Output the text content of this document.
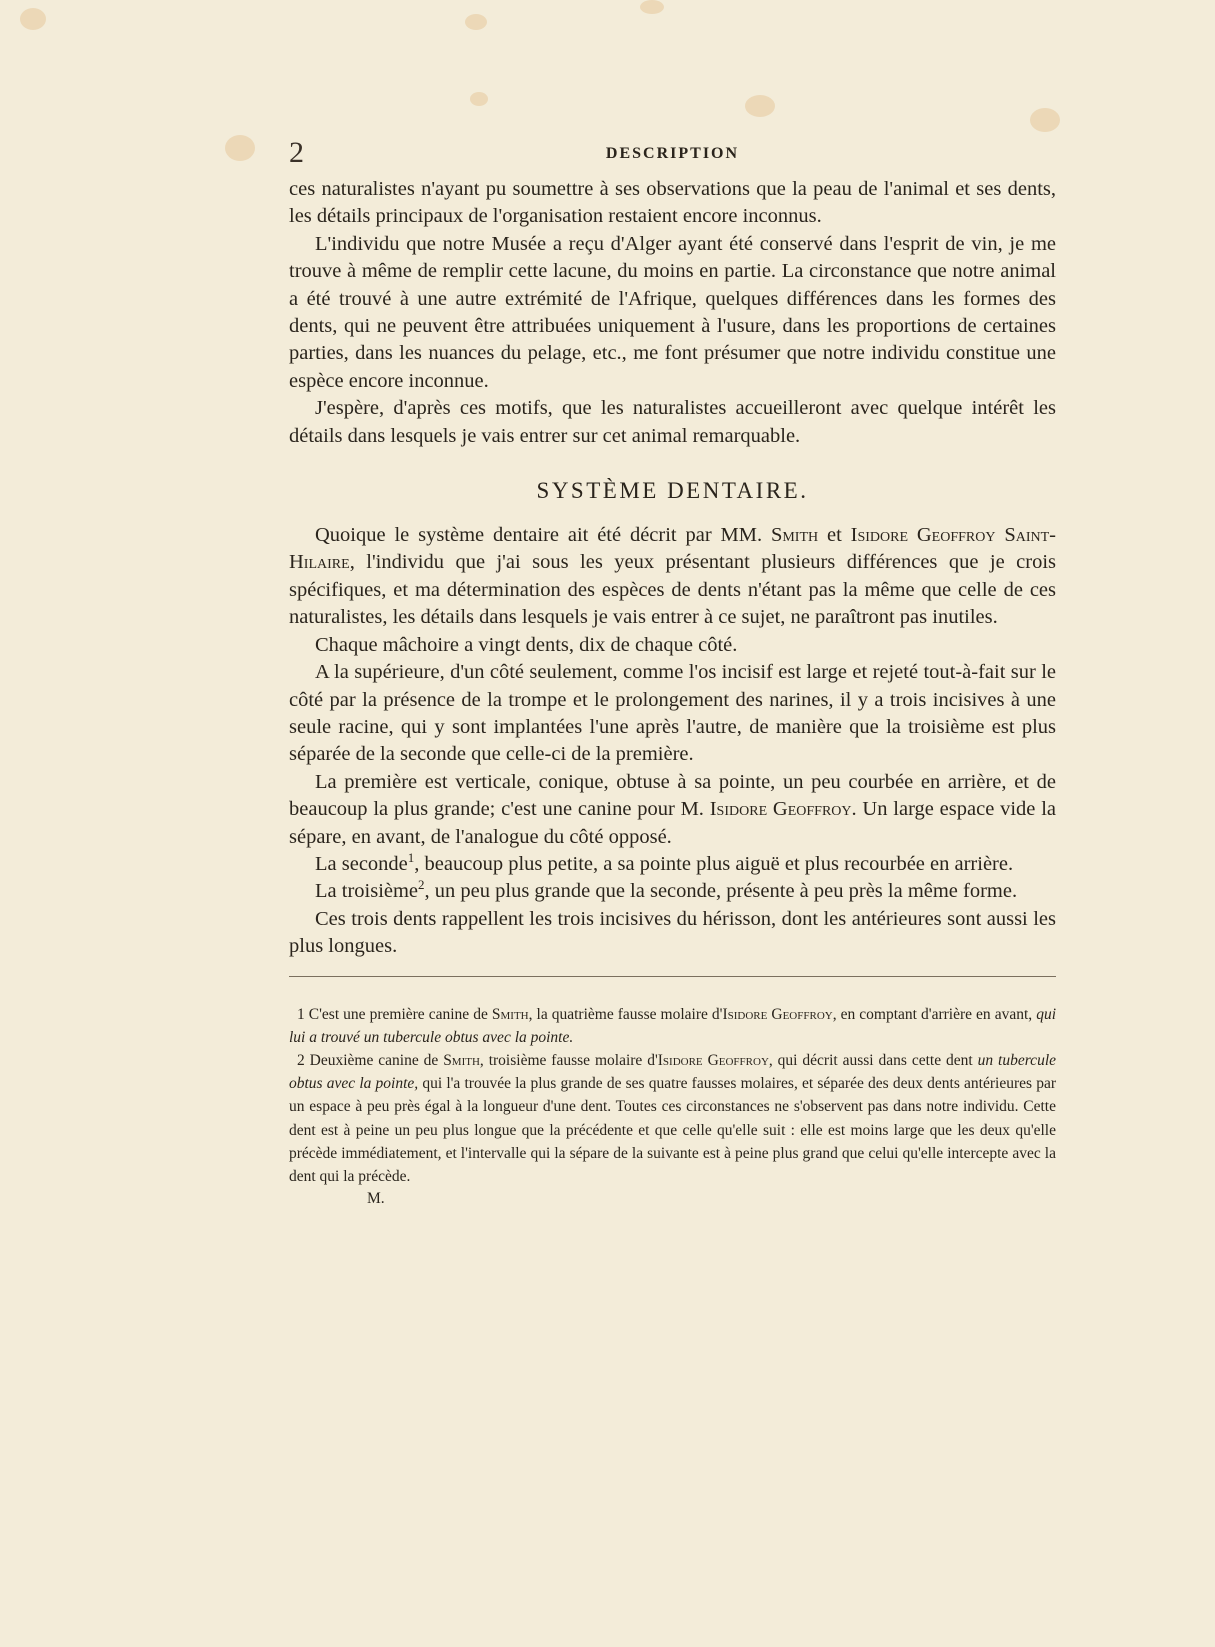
2	DESCRIPTION

ces naturalistes n'ayant pu soumettre à ses observations que la peau de l'animal et ses dents, les détails principaux de l'organisation restaient encore inconnus.

L'individu que notre Musée a reçu d'Alger ayant été conservé dans l'esprit de vin, je me trouve à même de remplir cette lacune, du moins en partie. La circonstance que notre animal a été trouvé à une autre extrémité de l'Afrique, quelques différences dans les formes des dents, qui ne peuvent être attribuées uniquement à l'usure, dans les proportions de certaines parties, dans les nuances du pelage, etc., me font présumer que notre individu constitue une espèce encore inconnue.

J'espère, d'après ces motifs, que les naturalistes accueilleront avec quelque intérêt les détails dans lesquels je vais entrer sur cet animal remarquable.

SYSTÈME DENTAIRE.

Quoique le système dentaire ait été décrit par MM. Smith et Isidore Geoffroy Saint-Hilaire, l'individu que j'ai sous les yeux présentant plusieurs différences que je crois spécifiques, et ma détermination des espèces de dents n'étant pas la même que celle de ces naturalistes, les détails dans lesquels je vais entrer à ce sujet, ne paraîtront pas inutiles.

Chaque mâchoire a vingt dents, dix de chaque côté.

A la supérieure, d'un côté seulement, comme l'os incisif est large et rejeté tout-à-fait sur le côté par la présence de la trompe et le prolongement des narines, il y a trois incisives à une seule racine, qui y sont implantées l'une après l'autre, de manière que la troisième est plus séparée de la seconde que celle-ci de la première.

La première est verticale, conique, obtuse à sa pointe, un peu courbée en arrière, et de beaucoup la plus grande; c'est une canine pour M. Isidore Geoffroy. Un large espace vide la sépare, en avant, de l'analogue du côté opposé.

La seconde$^1$, beaucoup plus petite, a sa pointe plus aiguë et plus recourbée en arrière.

La troisième$^2$, un peu plus grande que la seconde, présente à peu près la même forme.

Ces trois dents rappellent les trois incisives du hérisson, dont les antérieures sont aussi les plus longues.

1 C'est une première canine de Smith, la quatrième fausse molaire d'Isidore Geoffroy, en comptant d'arrière en avant, qui lui a trouvé un tubercule obtus avec la pointe.

2 Deuxième canine de Smith, troisième fausse molaire d'Isidore Geoffroy, qui décrit aussi dans cette dent un tubercule obtus avec la pointe, qui l'a trouvée la plus grande de ses quatre fausses molaires, et séparée des deux dents antérieures par un espace à peu près égal à la longueur d'une dent. Toutes ces circonstances ne s'observent pas dans notre individu. Cette dent est à peine un peu plus longue que la précédente et que celle qu'elle suit : elle est moins large que les deux qu'elle précède immédiatement, et l'intervalle qui la sépare de la suivante est à peine plus grand que celui qu'elle intercepte avec la dent qui la précède.

M.
